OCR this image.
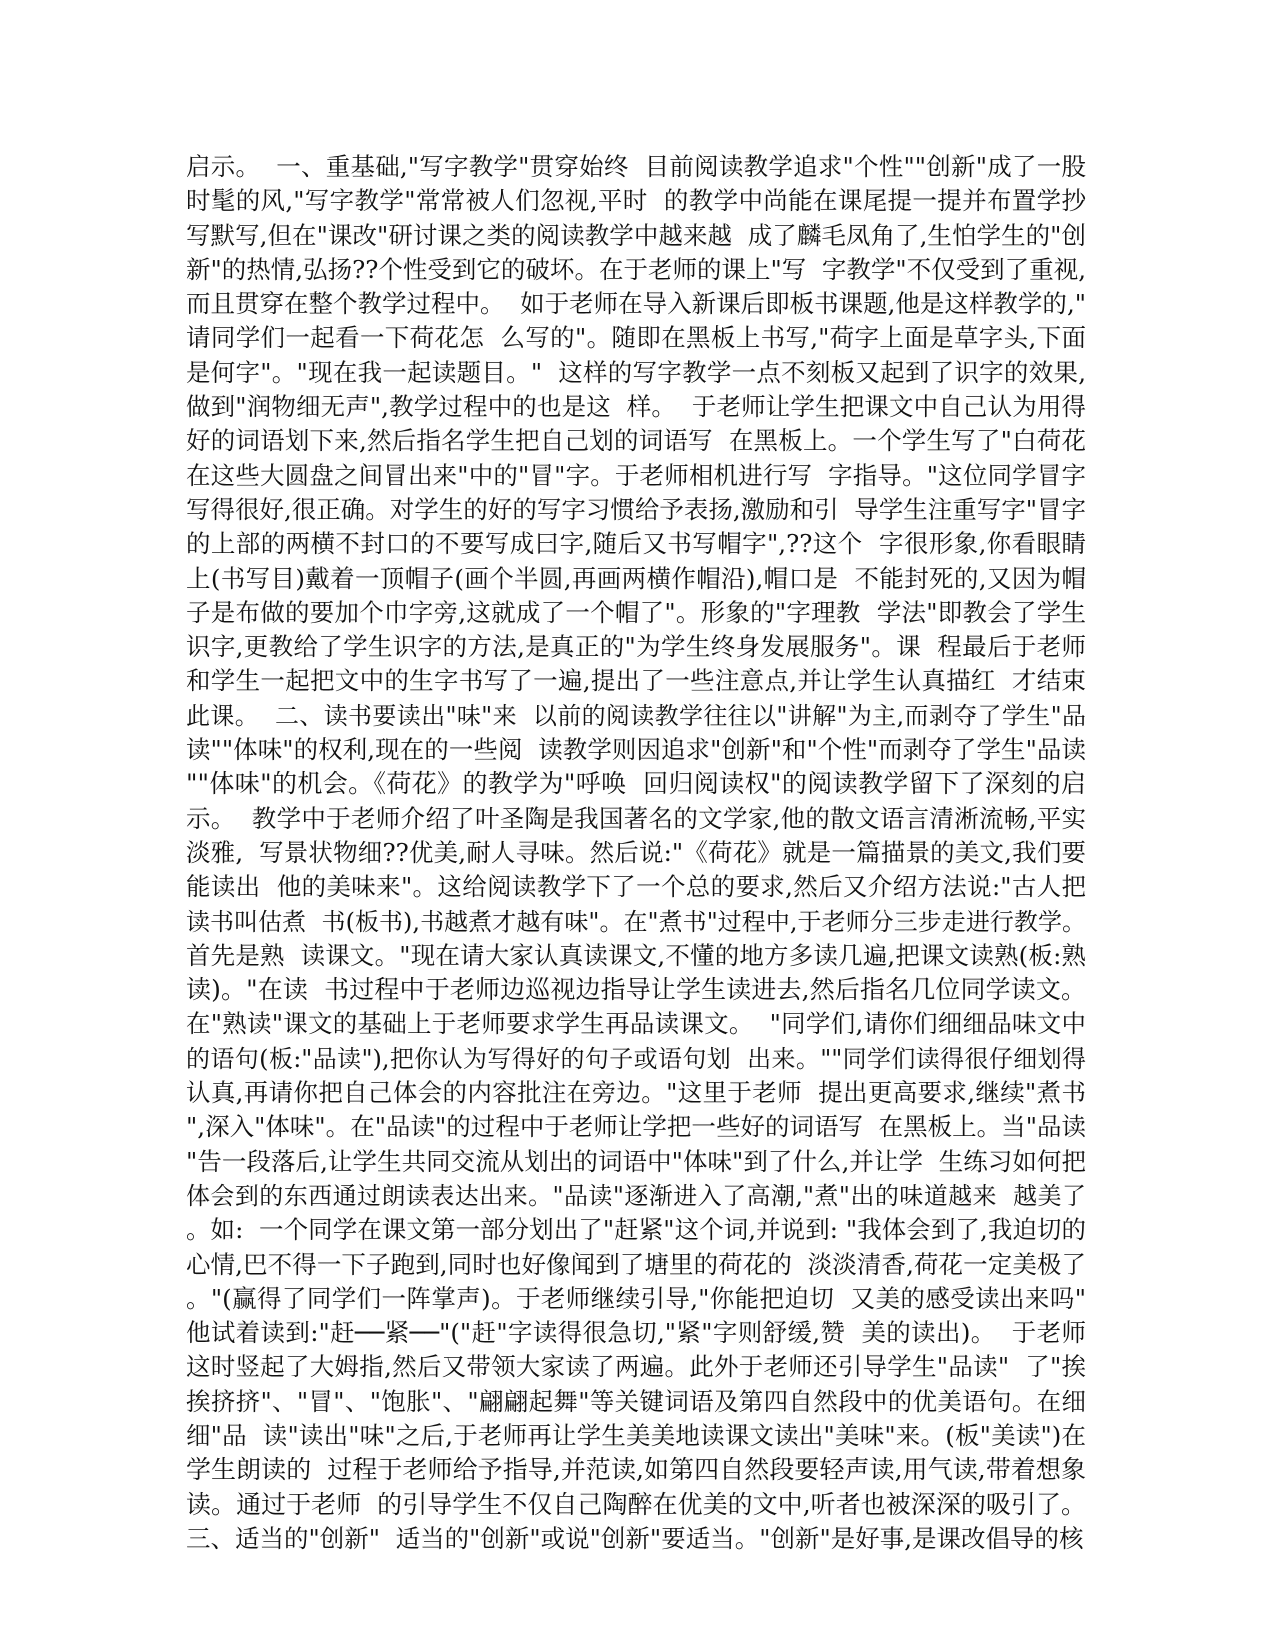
启示。  一、重基础,"写字教学"贯穿始终  目前阅读教学追求"个性""创新"成了一股
时髦的风,"写字教学"常常被人们忽视,平时  的教学中尚能在课尾提一提并布置学抄
写默写,但在"课改"研讨课之类的阅读教学中越来越  成了麟毛凤角了,生怕学生的"创
新"的热情,弘扬??个性受到它的破坏。在于老师的课上"写  字教学"不仅受到了重视,
而且贯穿在整个教学过程中。  如于老师在导入新课后即板书课题,他是这样教学的,"
请同学们一起看一下荷花怎  么写的"。随即在黑板上书写,"荷字上面是草字头,下面
是何字"。"现在我一起读题目。"  这样的写字教学一点不刻板又起到了识字的效果,
做到"润物细无声",教学过程中的也是这  样。  于老师让学生把课文中自己认为用得
好的词语划下来,然后指名学生把自己划的词语写  在黑板上。一个学生写了"白荷花
在这些大圆盘之间冒出来"中的"冒"字。于老师相机进行写  字指导。"这位同学冒字
写得很好,很正确。对学生的好的写字习惯给予表扬,激励和引  导学生注重写字"冒字
的上部的两横不封口的不要写成曰字,随后又书写帽字",??这个  字很形象,你看眼睛
上(书写目)戴着一顶帽子(画个半圆,再画两横作帽沿),帽口是  不能封死的,又因为帽
子是布做的要加个巾字旁,这就成了一个帽了"。形象的"字理教  学法"即教会了学生
识字,更教给了学生识字的方法,是真正的"为学生终身发展服务"。课  程最后于老师
和学生一起把文中的生字书写了一遍,提出了一些注意点,并让学生认真描红  才结束
此课。  二、读书要读出"味"来  以前的阅读教学往往以"讲解"为主,而剥夺了学生"品
读""体味"的权利,现在的一些阅  读教学则因追求"创新"和"个性"而剥夺了学生"品读
""体味"的机会。《荷花》的教学为"呼唤  回归阅读权"的阅读教学留下了深刻的启
示。  教学中于老师介绍了叶圣陶是我国著名的文学家,他的散文语言清淅流畅,平实
淡雅,  写景状物细??优美,耐人寻味。然后说:"《荷花》就是一篇描景的美文,我们要
能读出  他的美味来"。这给阅读教学下了一个总的要求,然后又介绍方法说:"古人把
读书叫估煮  书(板书),书越煮才越有味"。在"煮书"过程中,于老师分三步走进行教学。
首先是熟  读课文。"现在请大家认真读课文,不懂的地方多读几遍,把课文读熟(板:熟
读)。"在读  书过程中于老师边巡视边指导让学生读进去,然后指名几位同学读文。
在"熟读"课文的基础上于老师要求学生再品读课文。  "同学们,请你们细细品味文中
的语句(板:"品读"),把你认为写得好的句子或语句划  出来。""同学们读得很仔细划得
认真,再请你把自己体会的内容批注在旁边。"这里于老师  提出更高要求,继续"煮书
",深入"体味"。在"品读"的过程中于老师让学把一些好的词语写  在黑板上。当"品读
"告一段落后,让学生共同交流从划出的词语中"体味"到了什么,并让学  生练习如何把
体会到的东西通过朗读表达出来。"品读"逐渐进入了高潮,"煮"出的味道越来  越美了
。如:  一个同学在课文第一部分划出了"赶紧"这个词,并说到: "我体会到了,我迫切的
心情,巴不得一下子跑到,同时也好像闻到了塘里的荷花的  淡淡清香,荷花一定美极了
。"(赢得了同学们一阵掌声)。于老师继续引导,"你能把迫切  又美的感受读出来吗"
他试着读到:"赶──紧──"("赶"字读得很急切,"紧"字则舒缓,赞  美的读出)。  于老师
这时竖起了大姆指,然后又带领大家读了两遍。此外于老师还引导学生"品读"  了"挨
挨挤挤"、"冒"、"饱胀"、"翩翩起舞"等关键词语及第四自然段中的优美语句。在细
细"品  读"读出"味"之后,于老师再让学生美美地读课文读出"美味"来。(板"美读")在
学生朗读的  过程于老师给予指导,并范读,如第四自然段要轻声读,用气读,带着想象
读。通过于老师  的引导学生不仅自己陶醉在优美的文中,听者也被深深的吸引了。
三、适当的"创新"  适当的"创新"或说"创新"要适当。"创新"是好事,是课改倡导的核
